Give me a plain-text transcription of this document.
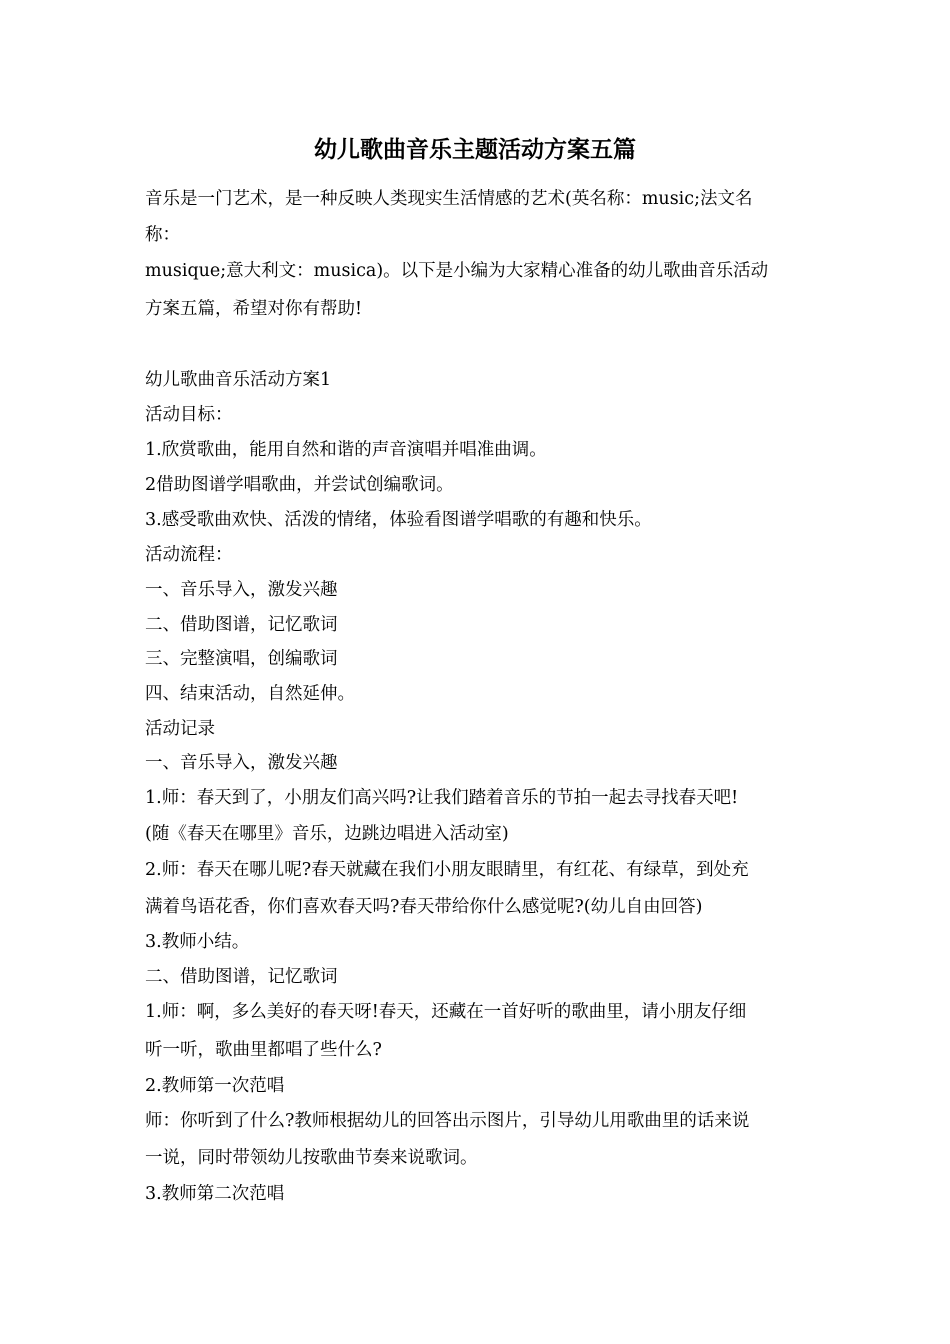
幼儿歌曲音乐主题活动方案五篇

音乐是一门艺术，是一种反映人类现实生活情感的艺术(英名称：music;法文名

称：

musique;意大利文：musica)。以下是小编为大家精心准备的幼儿歌曲音乐活动

方案五篇，希望对你有帮助!

幼儿歌曲音乐活动方案1

活动目标：

1.欣赏歌曲，能用自然和谐的声音演唱并唱准曲调。

2借助图谱学唱歌曲，并尝试创编歌词。

3.感受歌曲欢快、活泼的情绪，体验看图谱学唱歌的有趣和快乐。

活动流程：

一、音乐导入，激发兴趣

二、借助图谱，记忆歌词

三、完整演唱，创编歌词

四、结束活动，自然延伸。

活动记录

一、音乐导入，激发兴趣

1.师：春天到了，小朋友们高兴吗?让我们踏着音乐的节拍一起去寻找春天吧!

(随《春天在哪里》音乐，边跳边唱进入活动室)

2.师：春天在哪儿呢?春天就藏在我们小朋友眼睛里，有红花、有绿草，到处充

满着鸟语花香，你们喜欢春天吗?春天带给你什么感觉呢?(幼儿自由回答)

3.教师小结。

二、借助图谱，记忆歌词

1.师：啊，多么美好的春天呀!春天，还藏在一首好听的歌曲里，请小朋友仔细

听一听，歌曲里都唱了些什么?

2.教师第一次范唱

师：你听到了什么?教师根据幼儿的回答出示图片，引导幼儿用歌曲里的话来说

一说，同时带领幼儿按歌曲节奏来说歌词。

3.教师第二次范唱
